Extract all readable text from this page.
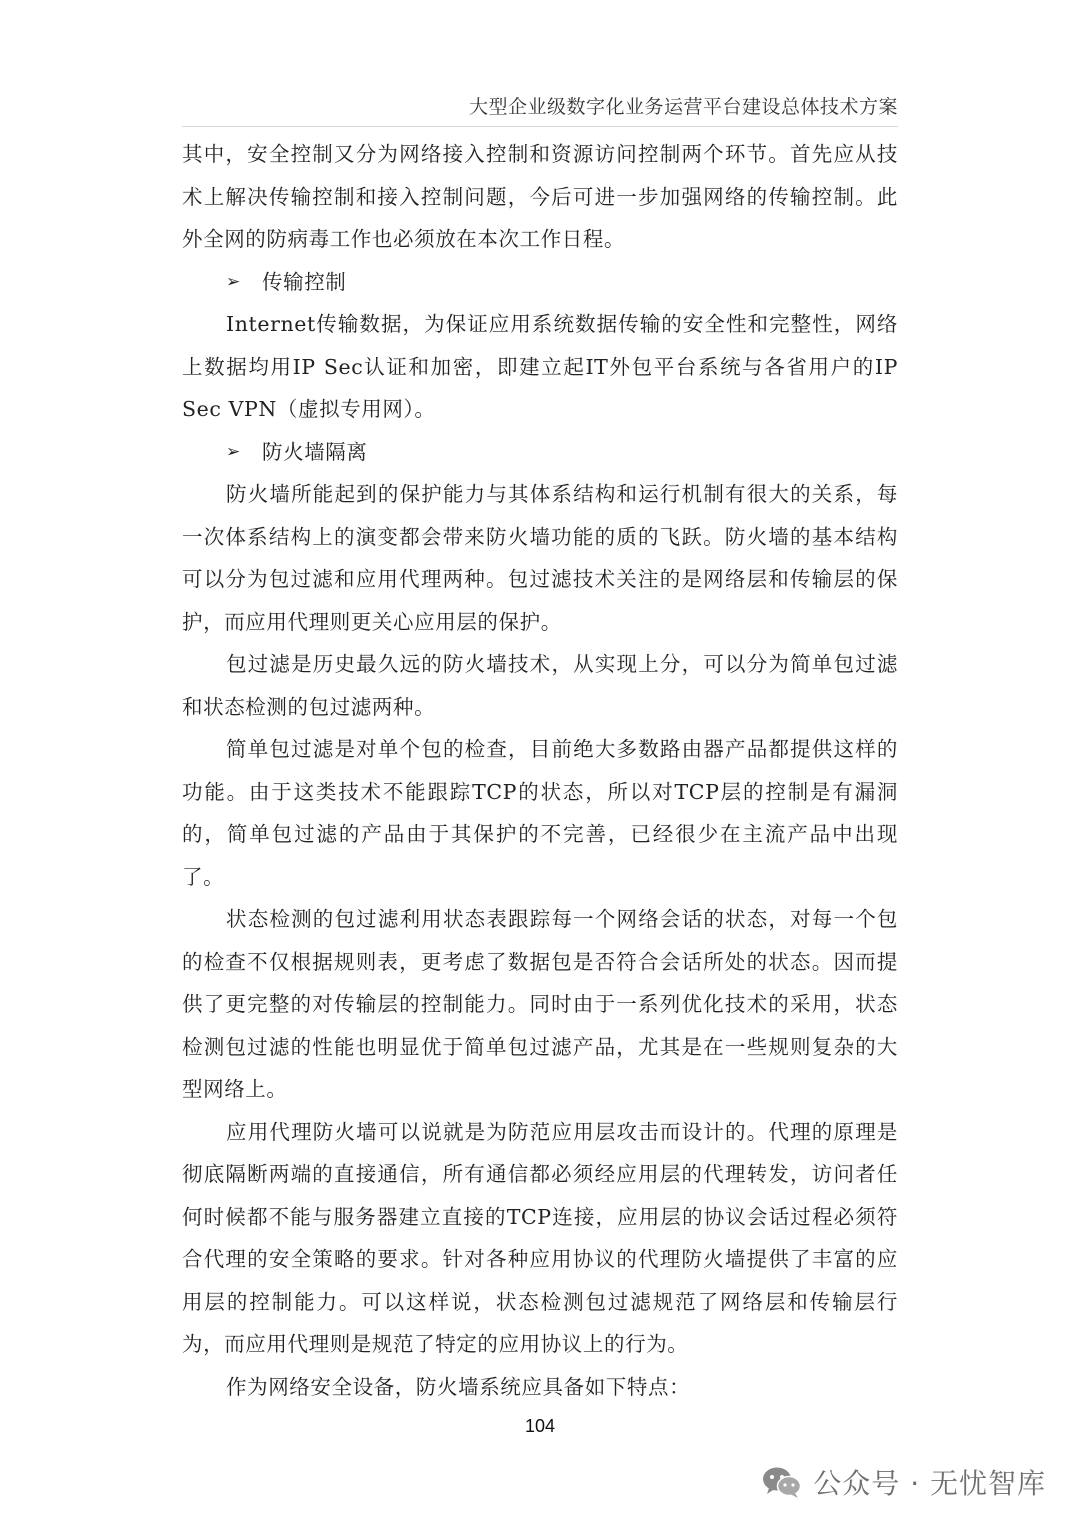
大型企业级数字化业务运营平台建设总体技术方案

其中，安全控制又分为网络接入控制和资源访问控制两个环节。首先应从技术上解决传输控制和接入控制问题，今后可进一步加强网络的传输控制。此外全网的防病毒工作也必须放在本次工作日程。

➢	传输控制

Internet传输数据，为保证应用系统数据传输的安全性和完整性，网络上数据均用IP Sec认证和加密，即建立起IT外包平台系统与各省用户的IP Sec VPN（虚拟专用网）。

➢	防火墙隔离

防火墙所能起到的保护能力与其体系结构和运行机制有很大的关系，每一次体系结构上的演变都会带来防火墙功能的质的飞跃。防火墙的基本结构可以分为包过滤和应用代理两种。包过滤技术关注的是网络层和传输层的保护，而应用代理则更关心应用层的保护。

包过滤是历史最久远的防火墙技术，从实现上分，可以分为简单包过滤和状态检测的包过滤两种。

简单包过滤是对单个包的检查，目前绝大多数路由器产品都提供这样的功能。由于这类技术不能跟踪TCP的状态，所以对TCP层的控制是有漏洞的，简单包过滤的产品由于其保护的不完善，已经很少在主流产品中出现了。

状态检测的包过滤利用状态表跟踪每一个网络会话的状态，对每一个包的检查不仅根据规则表，更考虑了数据包是否符合会话所处的状态。因而提供了更完整的对传输层的控制能力。同时由于一系列优化技术的采用，状态检测包过滤的性能也明显优于简单包过滤产品，尤其是在一些规则复杂的大型网络上。

应用代理防火墙可以说就是为防范应用层攻击而设计的。代理的原理是彻底隔断两端的直接通信，所有通信都必须经应用层的代理转发，访问者任何时候都不能与服务器建立直接的TCP连接，应用层的协议会话过程必须符合代理的安全策略的要求。针对各种应用协议的代理防火墙提供了丰富的应用层的控制能力。可以这样说，状态检测包过滤规范了网络层和传输层行为，而应用代理则是规范了特定的应用协议上的行为。

作为网络安全设备，防火墙系统应具备如下特点：

104
公众号 · 无忧智库
